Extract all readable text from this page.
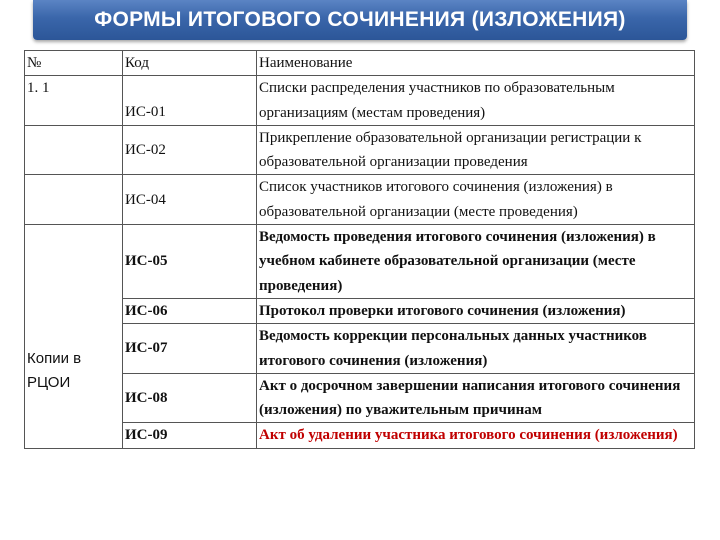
ФОРМЫ ИТОГОВОГО СОЧИНЕНИЯ (ИЗЛОЖЕНИЯ)
№	Код	Наименование
1. 1	ИС-01	Списки распределения участников по образовательным организациям (местам проведения)
	ИС-02	Прикрепление образовательной организации регистрации к образовательной организации проведения
	ИС-04	Список участников итогового сочинения (изложения) в образовательной организации (месте проведения)

Копии в РЦОИ	ИС-05	Ведомость проведения итогового сочинения (изложения) в учебном кабинете образовательной организации (месте проведения)
	ИС-06	Протокол проверки итогового сочинения (изложения)
	ИС-07	Ведомость коррекции персональных данных участников итогового сочинения (изложения)
	ИС-08	Акт о досрочном завершении написания итогового сочинения (изложения) по уважительным причинам
	ИС-09	Акт об удалении участника итогового сочинения (изложения)
